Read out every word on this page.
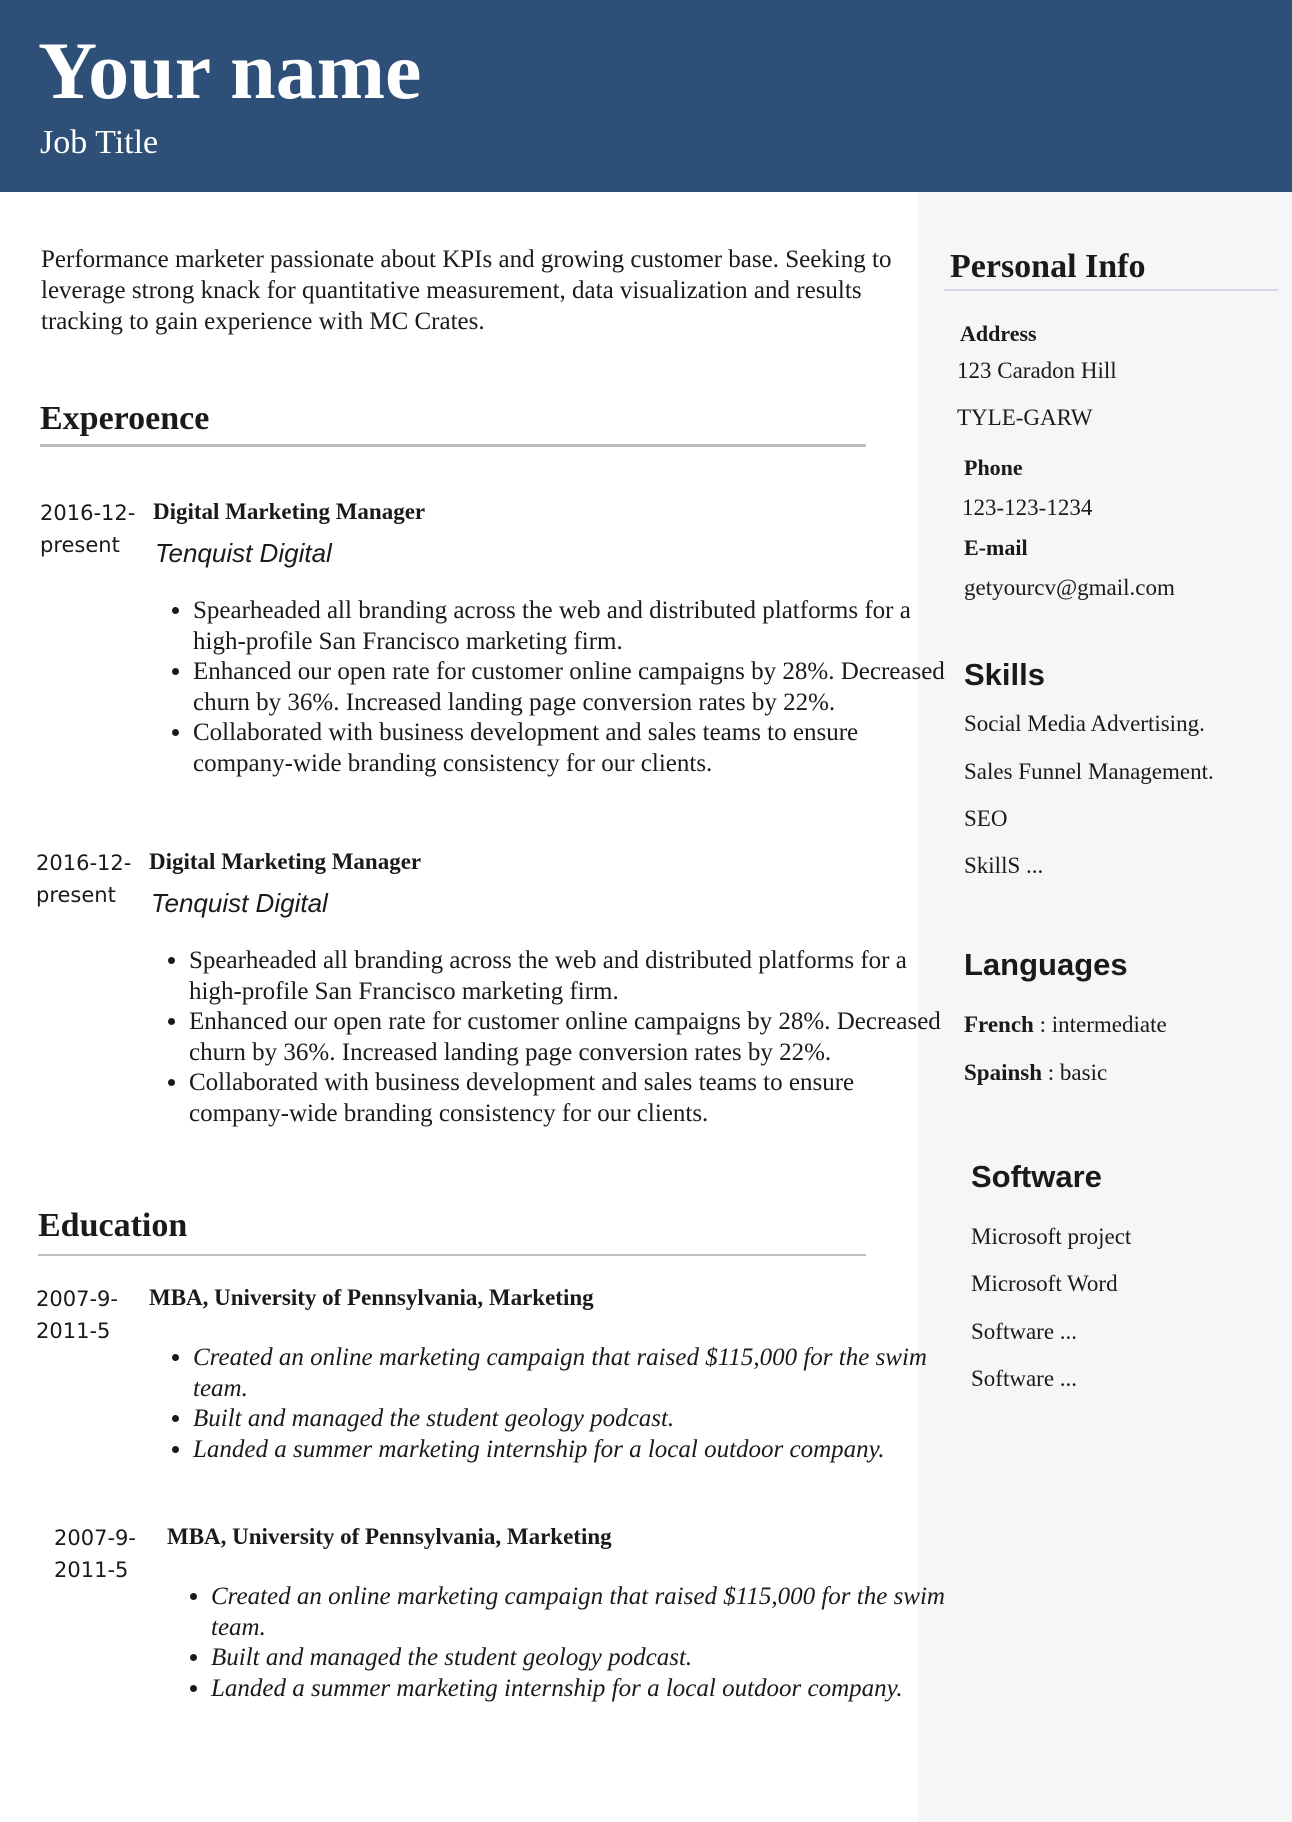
Your name
Job Title
Performance marketer passionate about KPIs and growing customer base. Seeking to leverage strong knack for quantitative measurement, data visualization and results tracking to gain experience with MC Crates.
Experoence
2016-12-
present
Digital Marketing Manager
Tenquist Digital
• Spearheaded all branding across the web and distributed platforms for a high-profile San Francisco marketing firm.
• Enhanced our open rate for customer online campaigns by 28%. Decreased churn by 36%. Increased landing page conversion rates by 22%.
• Collaborated with business development and sales teams to ensure company-wide branding consistency for our clients.
2016-12-
present
Digital Marketing Manager
Tenquist Digital
• Spearheaded all branding across the web and distributed platforms for a high-profile San Francisco marketing firm.
• Enhanced our open rate for customer online campaigns by 28%. Decreased churn by 36%. Increased landing page conversion rates by 22%.
• Collaborated with business development and sales teams to ensure company-wide branding consistency for our clients.
Education
2007-9-
2011-5
MBA, University of Pennsylvania, Marketing
• Created an online marketing campaign that raised $115,000 for the swim team.
• Built and managed the student geology podcast.
• Landed a summer marketing internship for a local outdoor company.
2007-9-
2011-5
MBA, University of Pennsylvania, Marketing
• Created an online marketing campaign that raised $115,000 for the swim team.
• Built and managed the student geology podcast.
• Landed a summer marketing internship for a local outdoor company.
Personal Info
Address
123 Caradon Hill
TYLE-GARW
Phone
123-123-1234
E-mail
getyourcv@gmail.com
Skills
Social Media Advertising.
Sales Funnel Management.
SEO
SkillS ...
Languages
French : intermediate
Spainsh : basic
Software
Microsoft project
Microsoft Word
Software ...
Software ...
